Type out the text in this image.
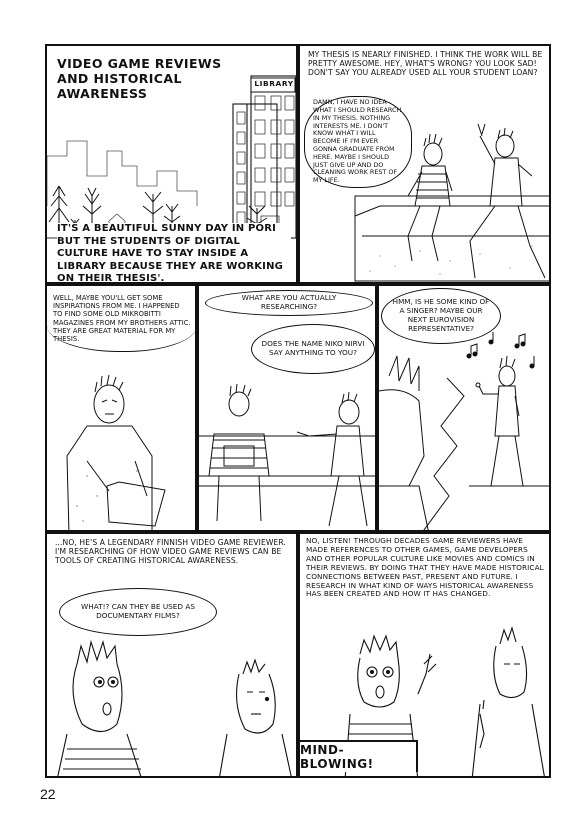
VIDEO GAME REVIEWS AND HISTORICAL AWARENESS
LIBRARY
IT'S A BEAUTIFUL SUNNY DAY IN PORI BUT THE STUDENTS OF DIGITAL CULTURE HAVE TO STAY INSIDE A LIBRARY BECAUSE THEY ARE WORKING ON THEIR THESIS'.
MY THESIS IS NEARLY FINISHED. I THINK THE WORK WILL BE PRETTY AWESOME. HEY, WHAT'S WRONG? YOU LOOK SAD! DON'T SAY YOU ALREADY USED ALL YOUR STUDENT LOAN?
DAMN, I HAVE NO IDEA WHAT I SHOULD RESEARCH IN MY THESIS. NOTHING INTERESTS ME. I DON'T KNOW WHAT I WILL BECOME IF I'M EVER GONNA GRADUATE FROM HERE. MAYBE I SHOULD JUST GIVE UP AND DO CLEANING WORK REST OF MY LIFE.
WELL, MAYBE YOU'LL GET SOME INSPIRATIONS FROM ME. I HAPPENED TO FIND SOME OLD MIKROBITTI MAGAZINES FROM MY BROTHERS ATTIC. THEY ARE GREAT MATERIAL FOR MY THESIS.
WHAT ARE YOU ACTUALLY RESEARCHING?
DOES THE NAME NIKO NIRVI SAY ANYTHING TO YOU?
HMM, IS HE SOME KIND OF A SINGER? MAYBE OUR NEXT EUROVISION REPRESENTATIVE?
...NO, HE'S A LEGENDARY FINNISH VIDEO GAME REVIEWER. I'M RESEARCHING OF HOW VIDEO GAME REVIEWS CAN BE TOOLS OF CREATING HISTORICAL AWARENESS.
WHAT!? CAN THEY BE USED AS DOCUMENTARY FILMS?
NO, LISTEN! THROUGH DECADES GAME REVIEWERS HAVE MADE REFERENCES TO OTHER GAMES, GAME DEVELOPERS AND OTHER POPULAR CULTURE LIKE MOVIES AND COMICS IN THEIR REVIEWS. BY DOING THAT THEY HAVE MADE HISTORICAL CONNECTIONS BETWEEN PAST, PRESENT AND FUTURE. I RESEARCH IN WHAT KIND OF WAYS HISTORICAL AWARENESS HAS BEEN CREATED AND HOW IT HAS CHANGED.
MIND-BLOWING!
22
